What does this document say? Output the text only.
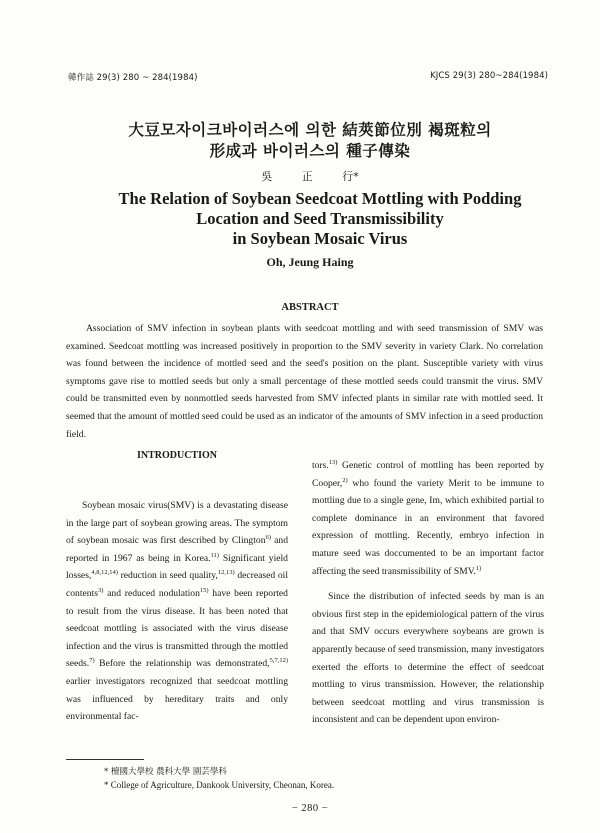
韓作誌 29(3) 280 ~ 284(1984)	KJCS 29(3) 280~284(1984)
大豆모자이크바이러스에 의한 結莢節位別 褐斑粒의
形成과 바이러스의 種子傳染
吳 正 行*
The Relation of Soybean Seedcoat Mottling with Podding
Location and Seed Transmissibility
in Soybean Mosaic Virus
Oh, Jeung Haing
ABSTRACT

Association of SMV infection in soybean plants with seedcoat mottling and with seed transmission of SMV was examined. Seedcoat mottling was increased positively in proportion to the SMV severity in variety Clark. No correlation was found between the incidence of mottled seed and the seed's position on the plant. Susceptible variety with virus symptoms gave rise to mottled seeds but only a small percentage of these mottled seeds could transmit the virus. SMV could be transmitted even by nonmottled seeds harvested from SMV infected plants in similar rate with mottled seed. It seemed that the amount of mottled seed could be used as an indicator of the amounts of SMV infection in a seed production field.

INTRODUCTION

Soybean mosaic virus(SMV) is a devastating disease in the large part of soybean growing areas. The symptom of soybean mosaic was first described by Clington$^{6)}$ and reported in 1967 as being in Korea.$^{11)}$ Significant yield losses,$^{4,8,12,14)}$ reduction in seed quality,$^{12,13)}$ decreased oil contents$^{3)}$ and reduced nodulation$^{15)}$ have been reported to result from the virus disease. It has been noted that seedcoat mottling is associated with the virus disease infection and the virus is transmitted through the mottled seeds.$^{7)}$ Before the relationship was demonstrated,$^{5,7,12)}$ earlier investigators recognized that seedcoat mottling was influenced by hereditary traits and only environmental fac-

tors.$^{13)}$ Genetic control of mottling has been reported by Cooper,$^{2)}$ who found the variety Merit to be immune to mottling due to a single gene, Im, which exhibited partial to complete dominance in an environment that favored expression of mottling. Recently, embryo infection in mature seed was doccumented to be an important factor affecting the seed transmissibility of SMV.$^{1)}$

Since the distribution of infected seeds by man is an obvious first step in the epidemiological pattern of the virus and that SMV occurs everywhere soybeans are grown is apparently because of seed transmission, many investigators exerted the efforts to determine the effect of seedcoat mottling to virus transmission. However, the relationship between seedcoat mottling and virus transmission is inconsistent and can be dependent upon environ-

* 檀國大學校 農科大學 園芸學科
* College of Agriculture, Dankook University, Cheonan, Korea.
− 280 −
